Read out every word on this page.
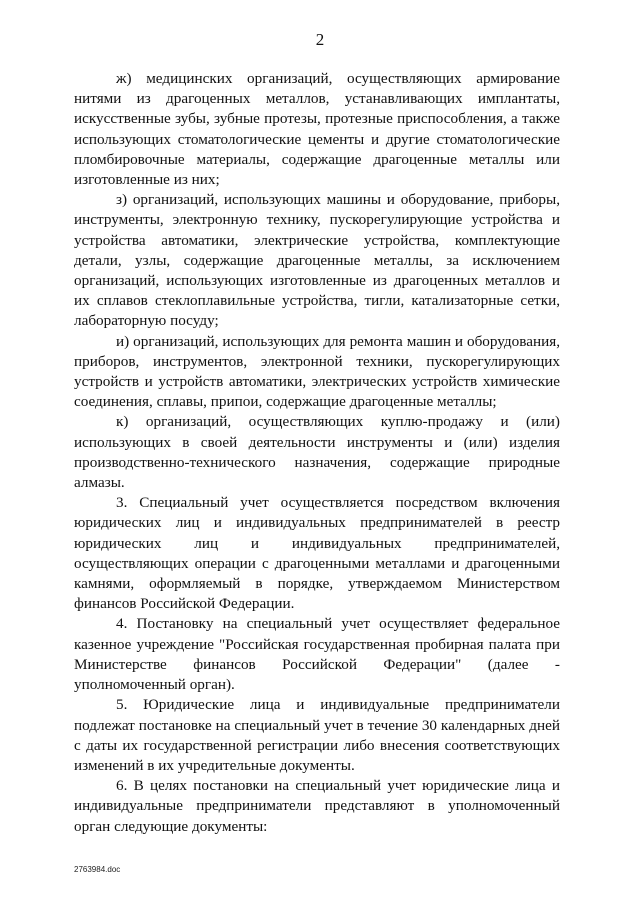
2

ж) медицинских организаций, осуществляющих армирование нитями из драгоценных металлов, устанавливающих имплантаты, искусственные зубы, зубные протезы, протезные приспособления, а также использующих стоматологические цементы и другие стоматологические пломбировочные материалы, содержащие драгоценные металлы или изготовленные из них;

з) организаций, использующих машины и оборудование, приборы, инструменты, электронную технику, пускорегулирующие устройства и устройства автоматики, электрические устройства, комплектующие детали, узлы, содержащие драгоценные металлы, за исключением организаций, использующих изготовленные из драгоценных металлов и их сплавов стеклоплавильные устройства, тигли, катализаторные сетки, лабораторную посуду;

и) организаций, использующих для ремонта машин и оборудования, приборов, инструментов, электронной техники, пускорегулирующих устройств и устройств автоматики, электрических устройств химические соединения, сплавы, припои, содержащие драгоценные металлы;

к) организаций, осуществляющих куплю-продажу и (или) использующих в своей деятельности инструменты и (или) изделия производственно-технического назначения, содержащие природные алмазы.

3. Специальный учет осуществляется посредством включения юридических лиц и индивидуальных предпринимателей в реестр юридических лиц и индивидуальных предпринимателей, осуществляющих операции с драгоценными металлами и драгоценными камнями, оформляемый в порядке, утверждаемом Министерством финансов Российской Федерации.

4. Постановку на специальный учет осуществляет федеральное казенное учреждение "Российская государственная пробирная палата при Министерстве финансов Российской Федерации" (далее - уполномоченный орган).

5. Юридические лица и индивидуальные предприниматели подлежат постановке на специальный учет в течение 30 календарных дней с даты их государственной регистрации либо внесения соответствующих изменений в их учредительные документы.

6. В целях постановки на специальный учет юридические лица и индивидуальные предприниматели представляют в уполномоченный орган следующие документы:

2763984.doc
